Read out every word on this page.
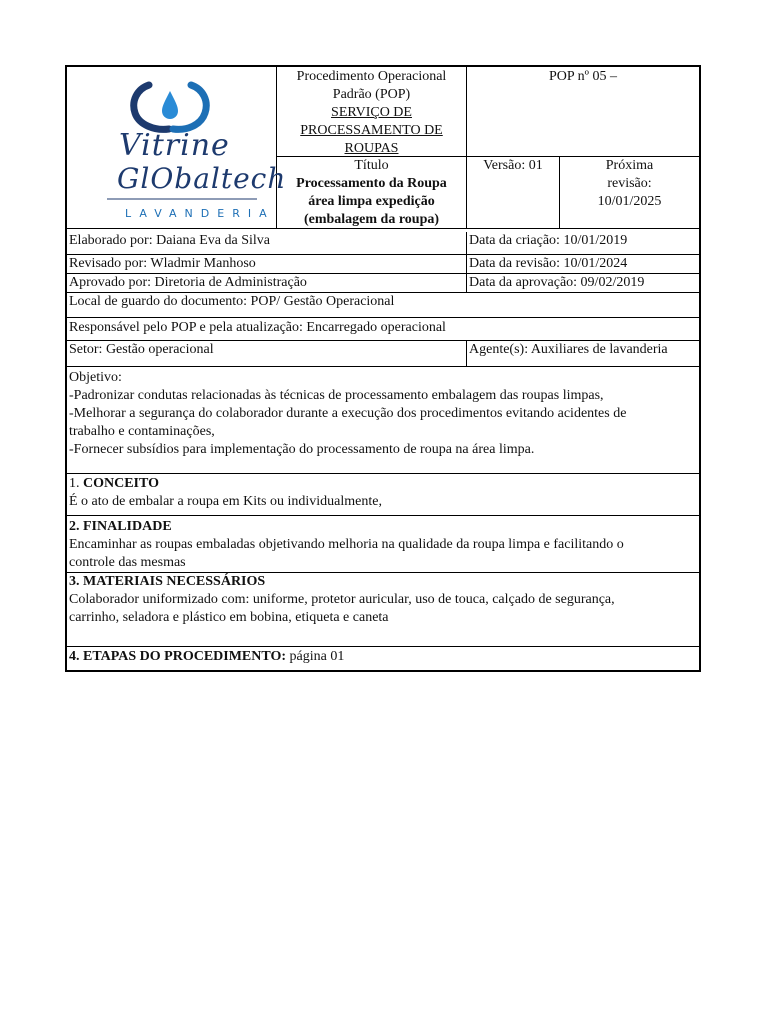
Vitrine
GlObaltech
LAVANDERIA
Procedimento Operacional
Padrão (POP)
SERVIÇO DE
PROCESSAMENTO DE
ROUPAS
Título
Processamento da Roupa
área limpa expedição
(embalagem da roupa)
POP nº 05 –
Versão: 01	Próxima
revisão:
10/01/2025
Elaborado por: Daiana Eva da Silva	Data da criação: 10/01/2019
Revisado por: Wladmir Manhoso	Data da revisão: 10/01/2024
Aprovado por: Diretoria de Administração	Data da aprovação: 09/02/2019
Local de guardo do documento: POP/ Gestão Operacional
Responsável pelo POP e pela atualização: Encarregado operacional
Setor: Gestão operacional	Agente(s): Auxiliares de lavanderia
Objetivo:
-Padronizar condutas relacionadas às técnicas de processamento embalagem das roupas limpas,
-Melhorar a segurança do colaborador durante a execução dos procedimentos evitando acidentes de
trabalho e contaminações,
-Fornecer subsídios para implementação do processamento de roupa na área limpa.
1. CONCEITO
É o ato de embalar a roupa em Kits ou individualmente,
2. FINALIDADE
Encaminhar as roupas embaladas objetivando melhoria na qualidade da roupa limpa e facilitando o
controle das mesmas
3. MATERIAIS NECESSÁRIOS
Colaborador uniformizado com: uniforme, protetor auricular, uso de touca, calçado de segurança,
carrinho, seladora e plástico em bobina, etiqueta e caneta
4. ETAPAS DO PROCEDIMENTO: página 01
